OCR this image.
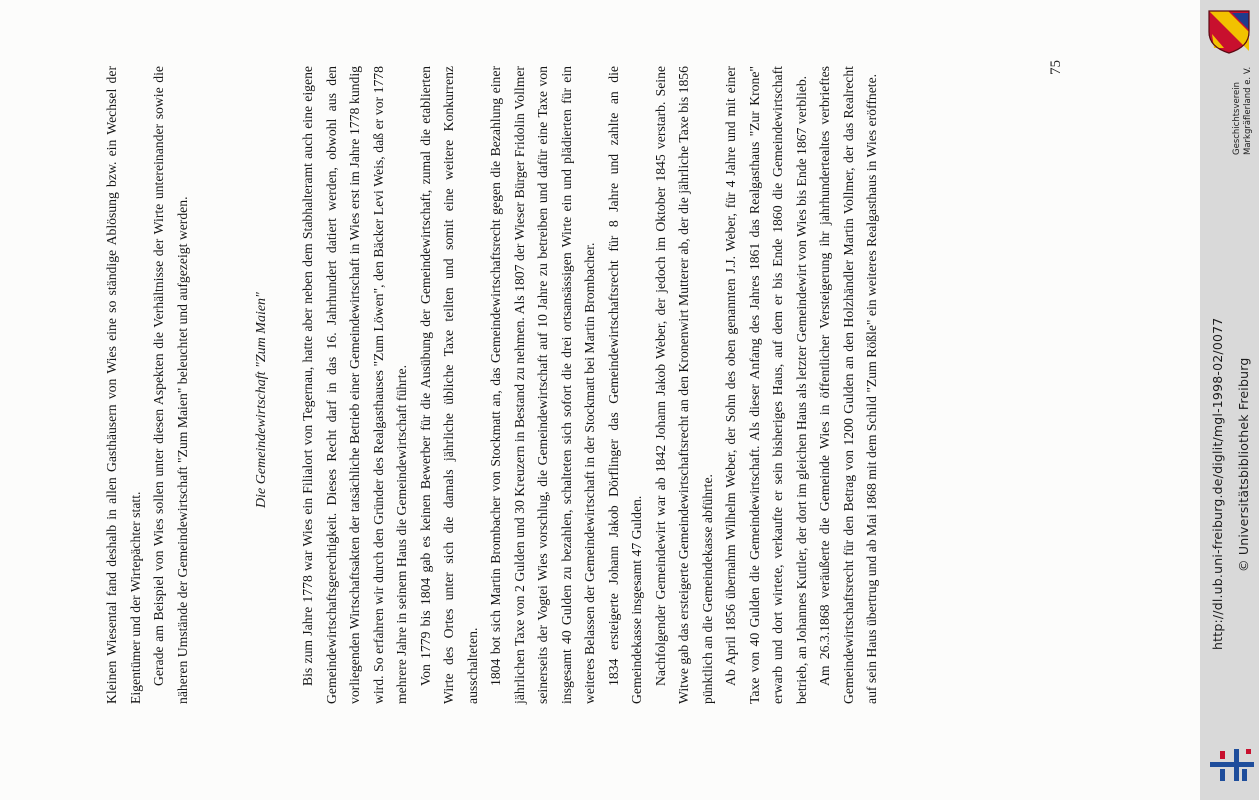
Kleinen Wiesental fand deshalb in allen Gasthäusern von Wies eine so ständige Ablösung bzw. ein Wechsel der Eigentümer und der Wirtepächter statt. Gerade am Beispiel von Wies sollen unter diesen Aspekten die Verhältnisse der Wirte untereinander sowie die näheren Umstände der Gemeindewirtschaft "Zum Maien" beleuchtet und aufgezeigt werden.	Die Gemeindewirtschaft "Zum Maien" Bis zum Jahre 1778 war Wies ein Filialort von Tegernau, hatte aber neben dem Stabhalteramt auch eine eigene Gemeindewirtschaftsgerechtigkeit. Dieses Recht darf in das 16. Jahrhundert datiert werden, obwohl aus den vorliegenden Wirtschaftsakten der tatsächliche Betrieb einer Gemeindewirtschaft in Wies erst im Jahre 1778 kundig wird. So erfahren wir durch den Gründer des Realgasthauses "Zum Löwen", den Bäcker Levi Weis, daß er vor 1778 mehrere Jahre in seinem Haus die Gemeindewirtschaft führte. Von 1779 bis 1804 gab es keinen Bewerber für die Ausübung der Gemeindewirtschaft, zumal die etablierten Wirte des Ortes unter sich die damals jährliche übliche Taxe teilten und somit eine weitere Konkurrenz ausschalteten. 1804 bot sich Martin Brombacher von Stockmatt an, das Gemeindewirtschaftsrecht gegen die Bezahlung einer jährlichen Taxe von 2 Gulden und 30 Kreuzern in Bestand zu nehmen. Als 1807 der Wieser Bürger Fridolin Vollmer seinerseits der Vogtei Wies vorschlug, die Gemeindewirtschaft auf 10 Jahre zu betreiben und dafür eine Taxe von insgesamt 40 Gulden zu bezahlen, schalteten sich sofort die drei ortsansässigen Wirte ein und plädierten für ein weiteres Belassen der Gemeindewirtschaft in der Stockmatt bei Martin Brombacher. 1834 ersteigerte Johann Jakob Dörflinger das Gemeindewirtschaftsrecht für 8 Jahre und zahlte an die Gemeindekasse insgesamt 47 Gulden. Nachfolgender Gemeindewirt war ab 1842 Johann Jakob Weber, der jedoch im Oktober 1845 verstarb. Seine Witwe gab das ersteigerte Gemeindewirtschaftsrecht an den Kronenwirt Mutterer ab, der die jährliche Taxe bis 1856 pünktlich an die Gemeindekasse abführte. Ab April 1856 übernahm Wilhelm Weber, der Sohn des oben genannten J.J. Weber, für 4 Jahre und mit einer Taxe von 40 Gulden die Gemeindewirtschaft. Als dieser Anfang des Jahres 1861 das Realgasthaus "Zur Krone" erwarb und dort wirtete, verkaufte er sein bisheriges Haus, auf dem er bis Ende 1860 die Gemeindewirtschaft betrieb, an Johannes Kuttler, der dort im gleichen Haus als letzter Gemeindewirt von Wies bis Ende 1867 verblieb. Am 26.3.1868 veräußerte die Gemeinde Wies in öffentlicher Versteigerung ihr jahrhundertealtes verbrieftes Gemeindewirtschaftsrecht für den Betrag von 1200 Gulden an den Holzhändler Martin Vollmer, der das Realrecht auf sein Haus übertrug und ab Mai 1868 mit dem Schild "Zum Rößle" ein weiteres Realgasthaus in Wies eröffnete.

75
http://dl.ub.uni-freiburg.de/diglit/mgl-1998-02/0077 © Universitätsbibliothek Freiburg
Geschichtsverein Markgräflerland e. V.
